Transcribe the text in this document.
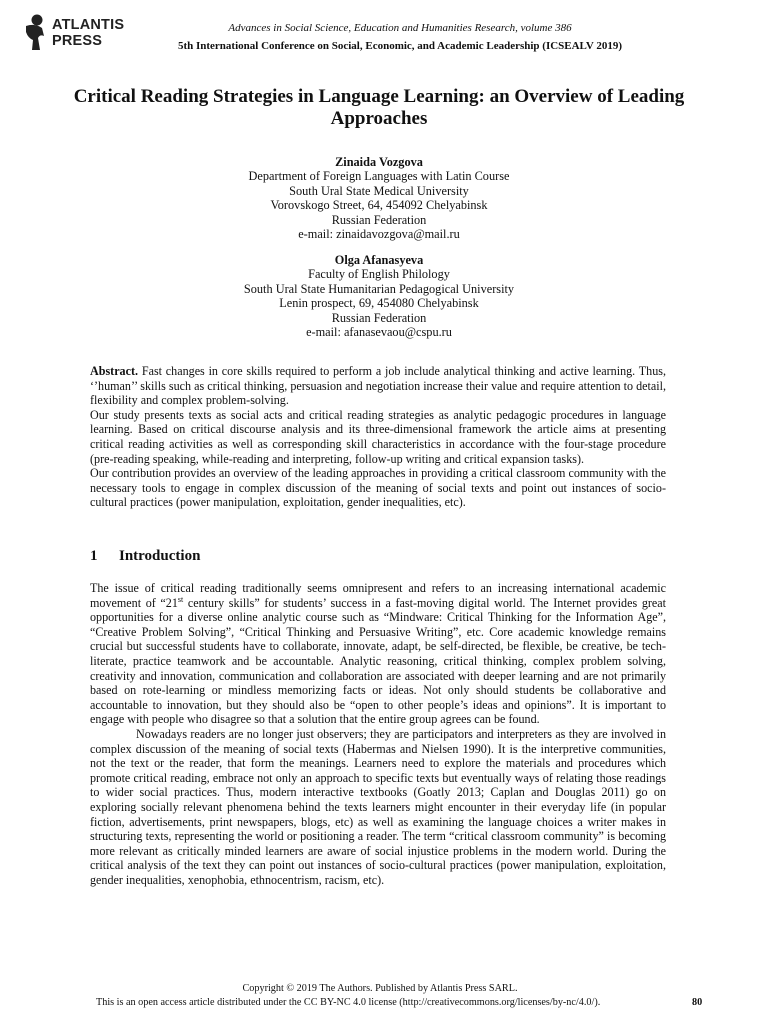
ATLANTIS
PRESS
Advances in Social Science, Education and Humanities Research, volume 386
5th International Conference on Social, Economic, and Academic Leadership (ICSEALV 2019)
Critical Reading Strategies in Language Learning: an Overview of Leading Approaches
Zinaida Vozgova
Department of Foreign Languages with Latin Course
South Ural State Medical University
Vorovskogo Street, 64, 454092 Chelyabinsk
Russian Federation
e-mail: zinaidavozgova@mail.ru
Olga Afanasyeva
Faculty of English Philology
South Ural State Humanitarian Pedagogical University
Lenin prospect, 69, 454080 Chelyabinsk
Russian Federation
e-mail: afanasevaou@cspu.ru

Abstract. Fast changes in core skills required to perform a job include analytical thinking and active learning. Thus, ‘’human’’ skills such as critical thinking, persuasion and negotiation increase their value and require attention to detail, flexibility and complex problem-solving.

Our study presents texts as social acts and critical reading strategies as analytic pedagogic procedures in language learning. Based on critical discourse analysis and its three-dimensional framework the article aims at presenting critical reading activities as well as corresponding skill characteristics in accordance with the four-stage procedure (pre-reading speaking, while-reading and interpreting, follow-up writing and critical expansion tasks).

Our contribution provides an overview of the leading approaches in providing a critical classroom community with the necessary tools to engage in complex discussion of the meaning of social texts and point out instances of socio-cultural practices (power manipulation, exploitation, gender inequalities, etc).

1 Introduction

The issue of critical reading traditionally seems omnipresent and refers to an increasing international academic movement of “21st century skills” for students’ success in a fast-moving digital world. The Internet provides great opportunities for a diverse online analytic course such as “Mindware: Critical Thinking for the Information Age”, “Creative Problem Solving”, “Critical Thinking and Persuasive Writing”, etc. Core academic knowledge remains crucial but successful students have to collaborate, innovate, adapt, be self-directed, be flexible, be creative, be tech-literate, practice teamwork and be accountable. Analytic reasoning, critical thinking, complex problem solving, creativity and innovation, communication and collaboration are associated with deeper learning and are not primarily based on rote-learning or mindless memorizing facts or ideas. Not only should students be collaborative and accountable to innovation, but they should also be “open to other people’s ideas and opinions”. It is important to engage with people who disagree so that a solution that the entire group agrees can be found.

Nowadays readers are no longer just observers; they are participators and interpreters as they are involved in complex discussion of the meaning of social texts (Habermas and Nielsen 1990). It is the interpretive communities, not the text or the reader, that form the meanings. Learners need to explore the materials and procedures which promote critical reading, embrace not only an approach to specific texts but eventually ways of relating those readings to wider social practices. Thus, modern interactive textbooks (Goatly 2013; Caplan and Douglas 2011) go on exploring socially relevant phenomena behind the texts learners might encounter in their everyday life (in popular fiction, advertisements, print newspapers, blogs, etc) as well as examining the language choices a writer makes in structuring texts, representing the world or positioning a reader. The term “critical classroom community” is becoming more relevant as critically minded learners are aware of social injustice problems in the modern world. During the critical analysis of the text they can point out instances of socio-cultural practices (power manipulation, exploitation, gender inequalities, xenophobia, ethnocentrism, racism, etc).

Copyright © 2019 The Authors. Published by Atlantis Press SARL.
This is an open access article distributed under the CC BY-NC 4.0 license (http://creativecommons.org/licenses/by-nc/4.0/).	80
